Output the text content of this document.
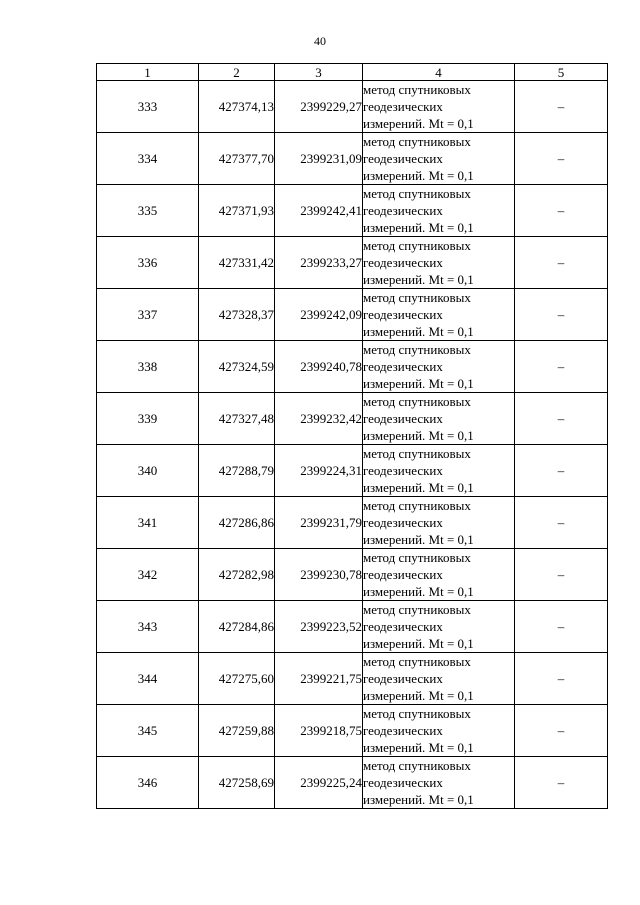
40
1	2	3	4	5
333	427374,13	2399229,27	метод спутниковых
геодезических
измерений. Mt = 0,1	–
334	427377,70	2399231,09	метод спутниковых
геодезических
измерений. Mt = 0,1	–
335	427371,93	2399242,41	метод спутниковых
геодезических
измерений. Mt = 0,1	–
336	427331,42	2399233,27	метод спутниковых
геодезических
измерений. Mt = 0,1	–
337	427328,37	2399242,09	метод спутниковых
геодезических
измерений. Mt = 0,1	–
338	427324,59	2399240,78	метод спутниковых
геодезических
измерений. Mt = 0,1	–
339	427327,48	2399232,42	метод спутниковых
геодезических
измерений. Mt = 0,1	–
340	427288,79	2399224,31	метод спутниковых
геодезических
измерений. Mt = 0,1	–
341	427286,86	2399231,79	метод спутниковых
геодезических
измерений. Mt = 0,1	–
342	427282,98	2399230,78	метод спутниковых
геодезических
измерений. Mt = 0,1	–
343	427284,86	2399223,52	метод спутниковых
геодезических
измерений. Mt = 0,1	–
344	427275,60	2399221,75	метод спутниковых
геодезических
измерений. Mt = 0,1	–
345	427259,88	2399218,75	метод спутниковых
геодезических
измерений. Mt = 0,1	–
346	427258,69	2399225,24	метод спутниковых
геодезических
измерений. Mt = 0,1	–
